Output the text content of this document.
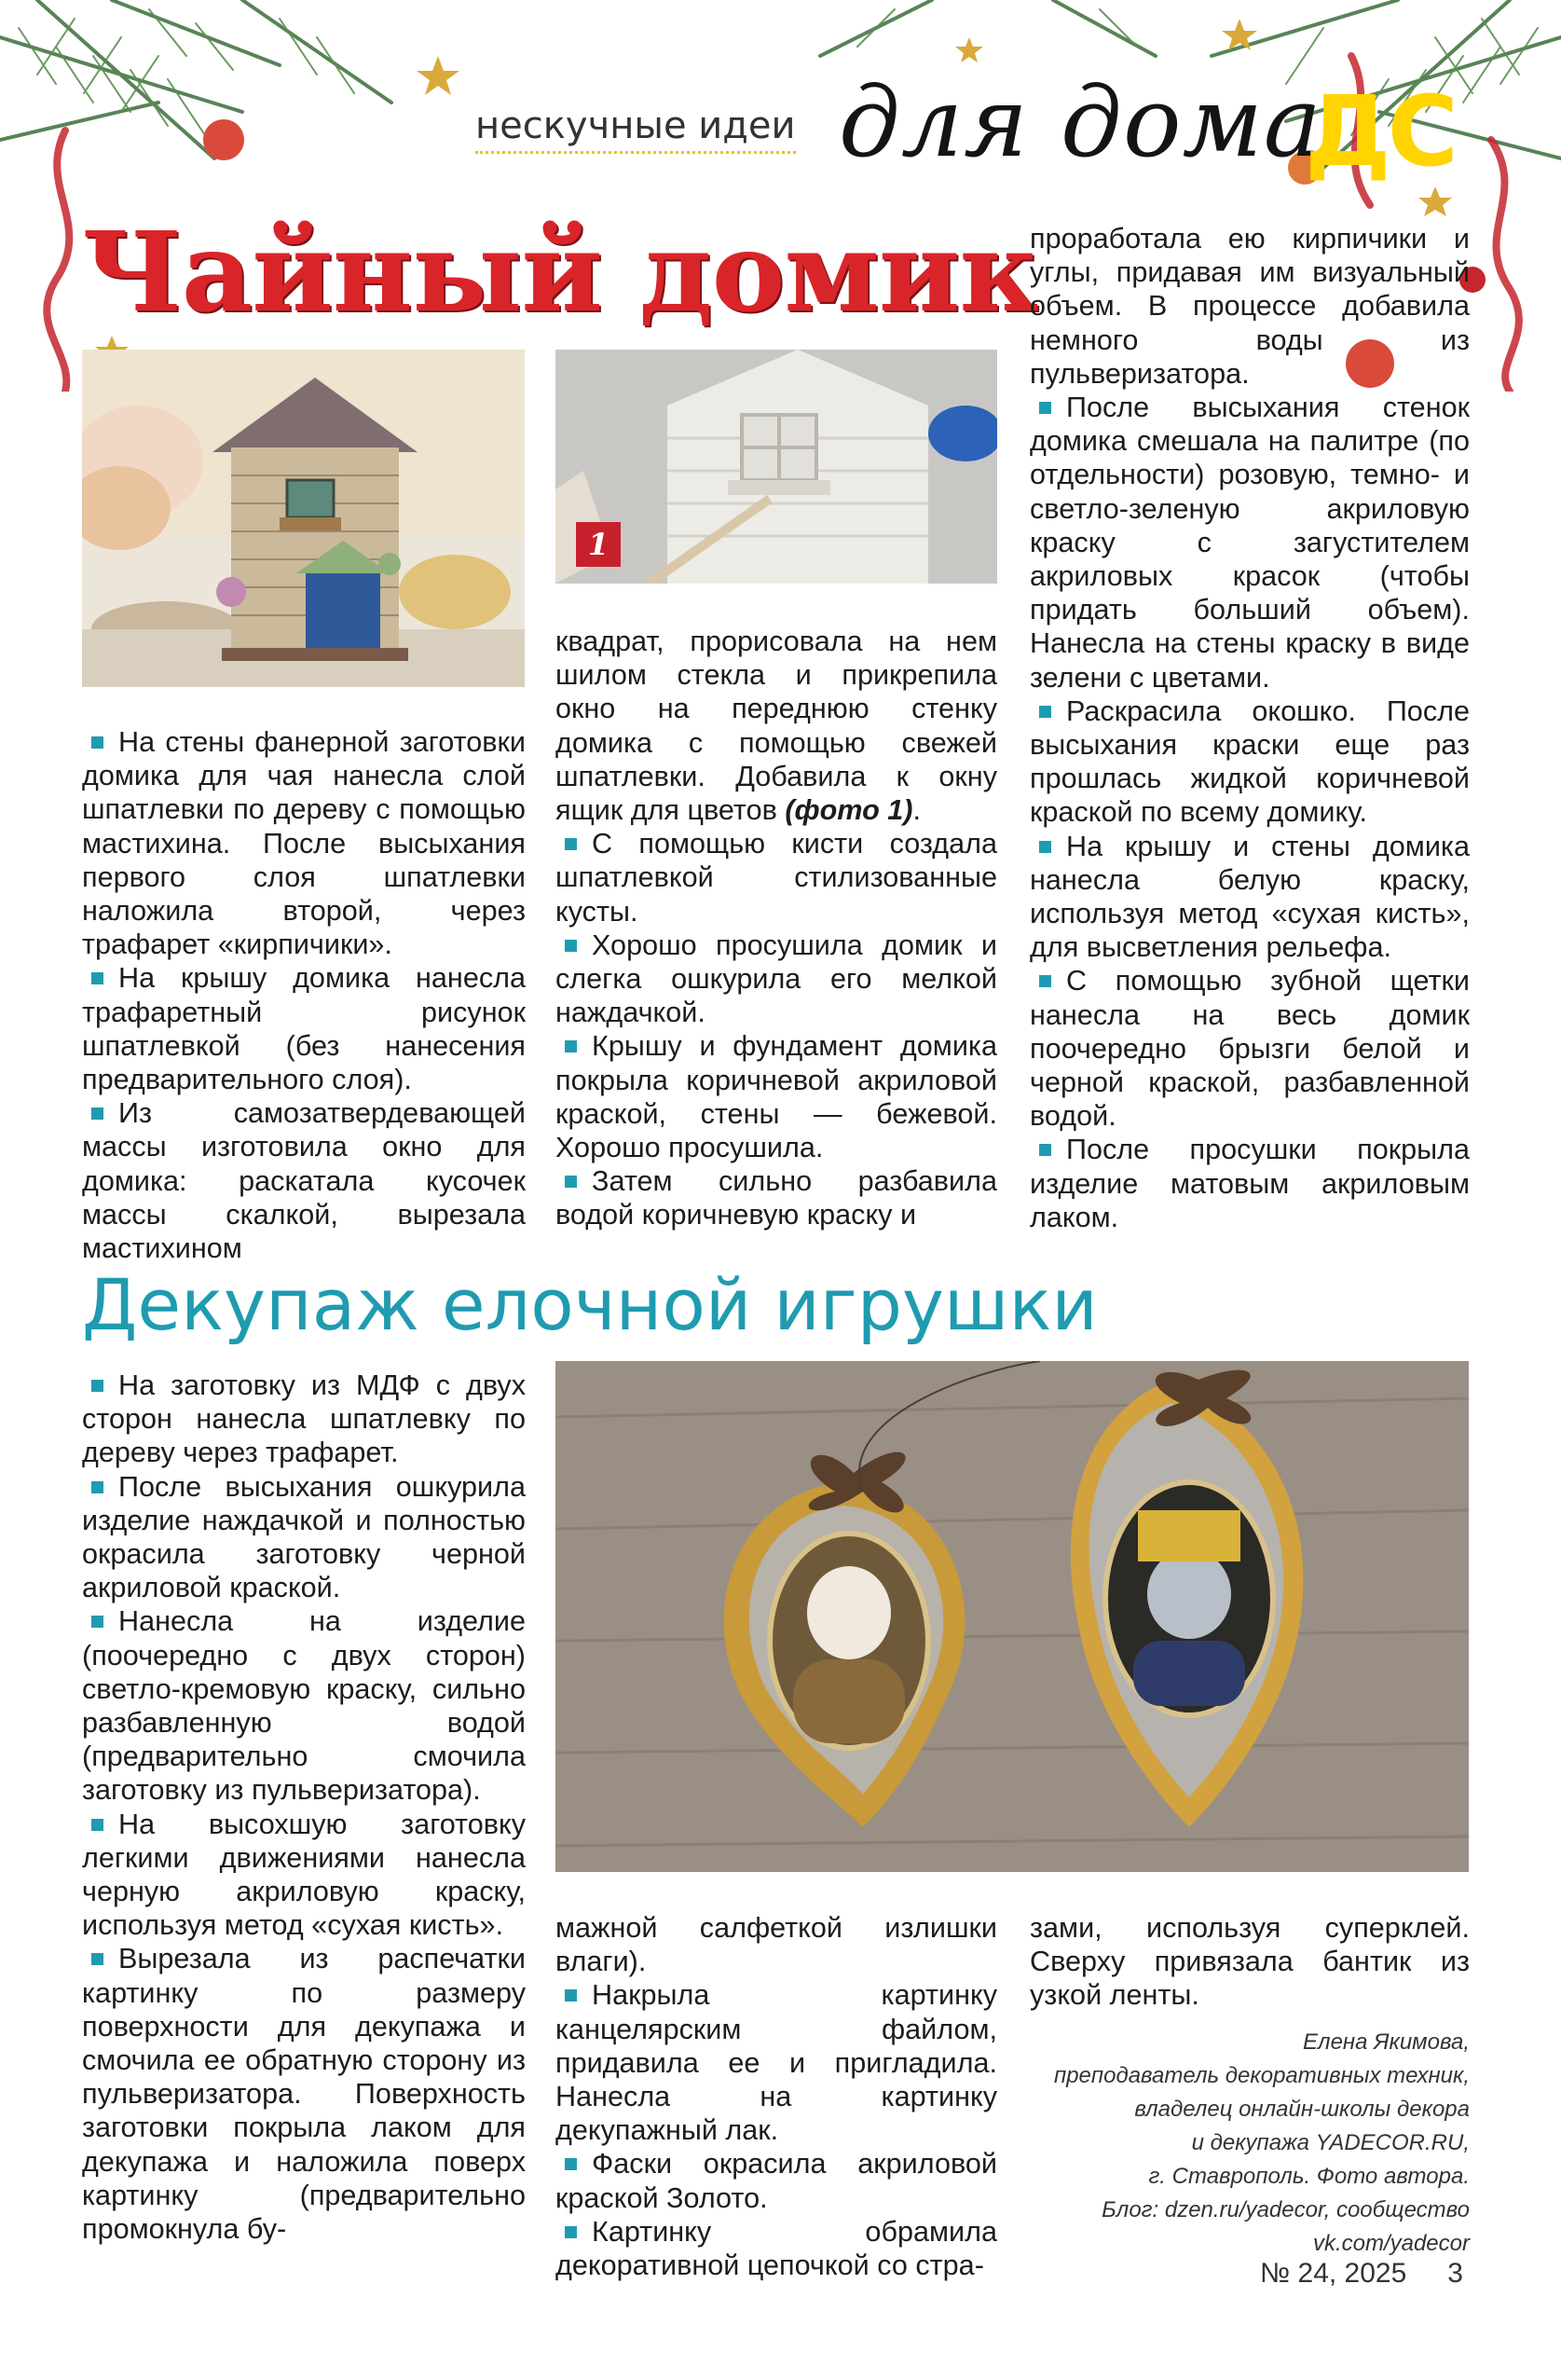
нескучные идеи для дома
ДС
Чайный домик
1

На стены фанерной заготовки домика для чая нанесла слой шпатлевки по дереву с помощью мастихина. После высыхания первого слоя шпатлевки наложила второй, через трафарет «кирпичики».

На крышу домика нанесла трафаретный рисунок шпатлевкой (без нанесения предварительного слоя).

Из самозатвердевающей массы изготовила окно для домика: раскатала кусочек массы скалкой, вырезала мастихином

квадрат, прорисовала на нем шилом стекла и прикрепила окно на переднюю стенку домика с помощью свежей шпатлевки. Добавила к окну ящик для цветов (фото 1).

С помощью кисти создала шпатлевкой стилизованные кусты.

Хорошо просушила домик и слегка ошкурила его мелкой наждачкой.

Крышу и фундамент домика покрыла коричневой акриловой краской, стены — бежевой. Хорошо просушила.

Затем сильно разбавила водой коричневую краску и

проработала ею кирпичики и углы, придавая им визуальный объем. В процессе добавила немного воды из пульверизатора.

После высыхания стенок домика смешала на палитре (по отдельности) розовую, темно- и светло-зеленую акриловую краску с загустителем акриловых красок (чтобы придать больший объем). Нанесла на стены краску в виде зелени с цветами.

Раскрасила окошко. После высыхания краски еще раз прошлась жидкой коричневой краской по всему домику.

На крышу и стены домика нанесла белую краску, используя метод «сухая кисть», для высветления рельефа.

С помощью зубной щетки нанесла на весь домик поочередно брызги белой и черной краской, разбавленной водой.

После просушки покрыла изделие матовым акриловым лаком.

Декупаж елочной игрушки

На заготовку из МДФ с двух сторон нанесла шпатлевку по дереву через трафарет.

После высыхания ошкурила изделие наждачкой и полностью окрасила заготовку черной акриловой краской.

Нанесла на изделие (поочередно с двух сторон) светло-кремовую краску, сильно разбавленную водой (предварительно смочила заготовку из пульверизатора).

На высохшую заготовку легкими движениями нанесла черную акриловую краску, используя метод «сухая кисть».

Вырезала из распечатки картинку по размеру поверхности для декупажа и смочила ее обратную сторону из пульверизатора. Поверхность заготовки покрыла лаком для декупажа и наложила поверх картинку (предварительно промокнула бу-

мажной салфеткой излишки влаги).

Накрыла картинку канцелярским файлом, придавила ее и пригладила. Нанесла на картинку декупажный лак.

Фаски окрасила акриловой краской Золото.

Картинку обрамила декоративной цепочкой со стра-

зами, используя суперклей. Сверху привязала бантик из узкой ленты.

Елена Якимова,
преподаватель декоративных техник,
владелец онлайн-школы декора
и декупажа YADECOR.RU,
г. Ставрополь. Фото автора.
Блог: dzen.ru/yadecor, сообщество
vk.com/yadecor
№ 24, 2025 3
